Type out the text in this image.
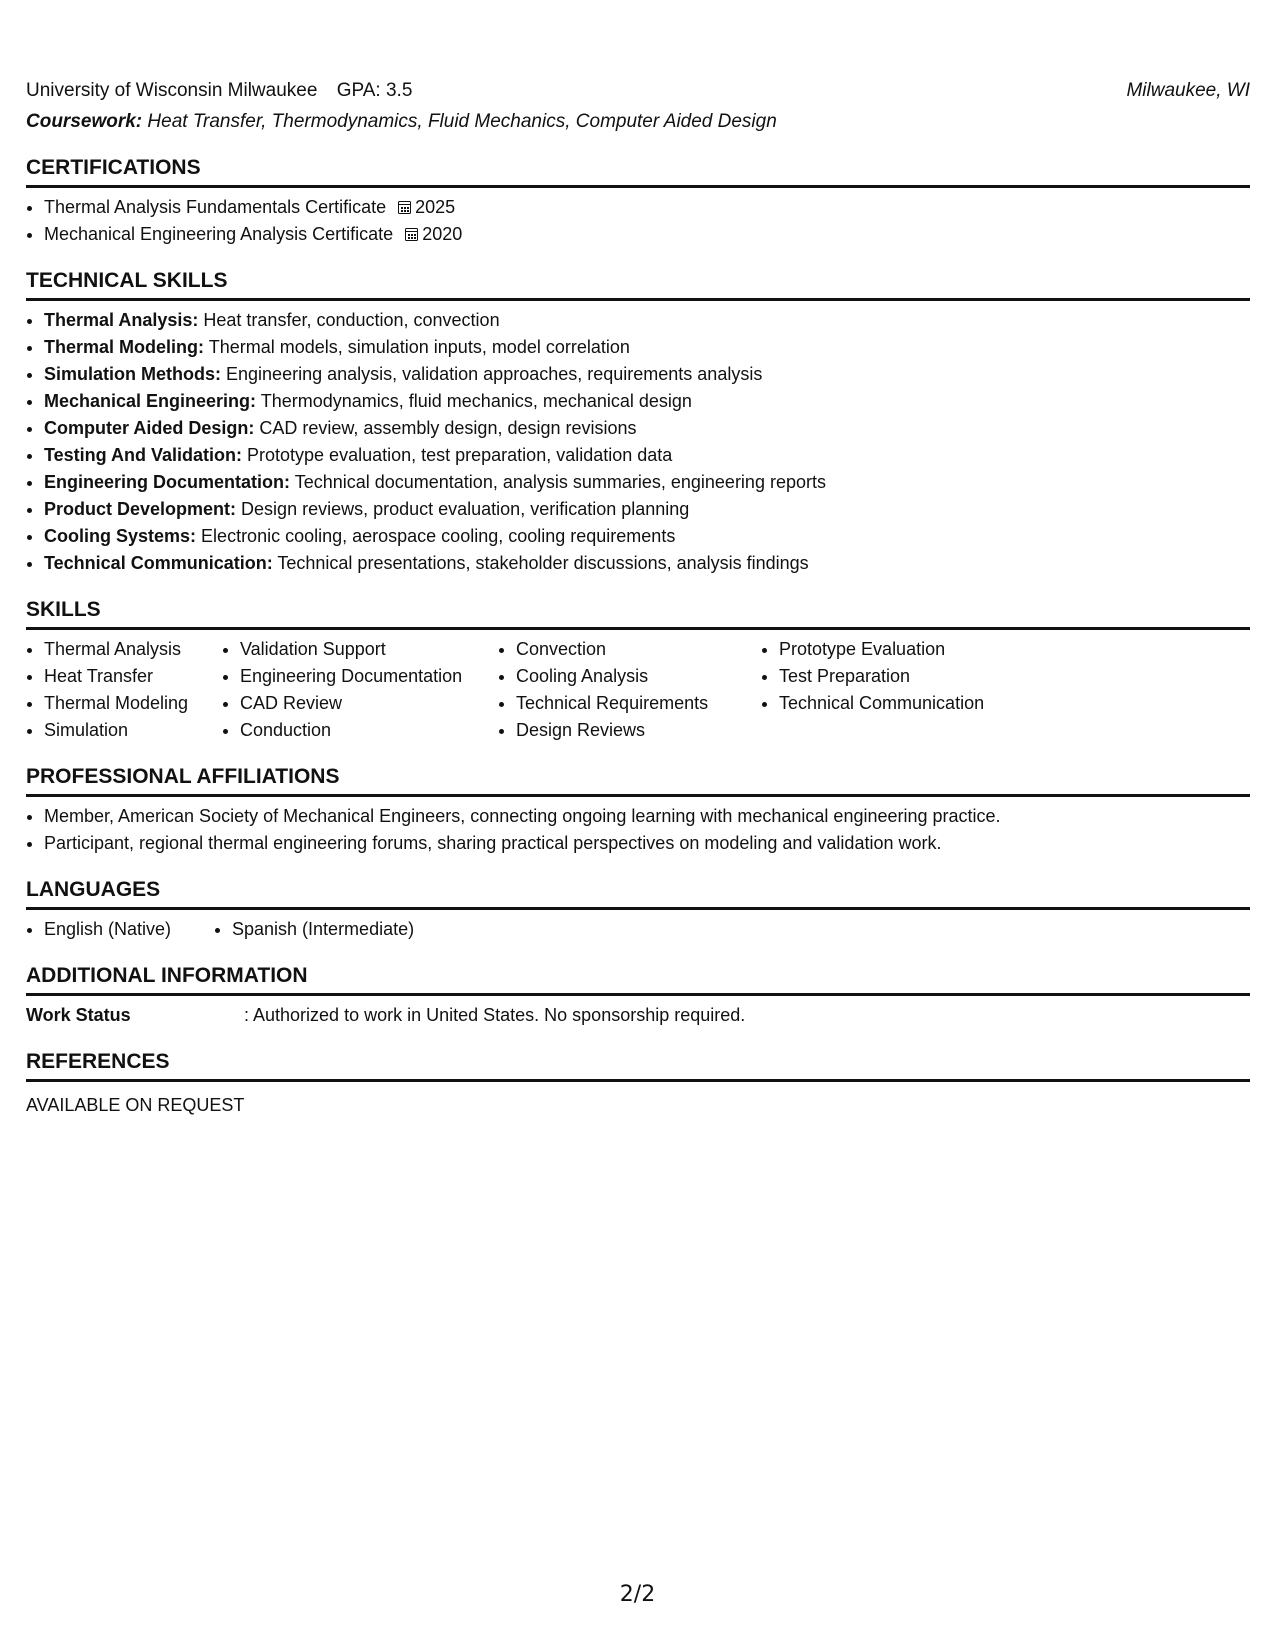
University of Wisconsin Milwaukee GPA: 3.5	Milwaukee, WI
Coursework: Heat Transfer, Thermodynamics, Fluid Mechanics, Computer Aided Design
CERTIFICATIONS
• Thermal Analysis Fundamentals Certificate 2025
• Mechanical Engineering Analysis Certificate 2020
TECHNICAL SKILLS
• Thermal Analysis: Heat transfer, conduction, convection
• Thermal Modeling: Thermal models, simulation inputs, model correlation
• Simulation Methods: Engineering analysis, validation approaches, requirements analysis
• Mechanical Engineering: Thermodynamics, fluid mechanics, mechanical design
• Computer Aided Design: CAD review, assembly design, design revisions
• Testing And Validation: Prototype evaluation, test preparation, validation data
• Engineering Documentation: Technical documentation, analysis summaries, engineering reports
• Product Development: Design reviews, product evaluation, verification planning
• Cooling Systems: Electronic cooling, aerospace cooling, cooling requirements
• Technical Communication: Technical presentations, stakeholder discussions, analysis findings
SKILLS
• Thermal Analysis
• Heat Transfer
• Thermal Modeling
• Simulation
• Validation Support
• Engineering Documentation
• CAD Review
• Conduction
• Convection
• Cooling Analysis
• Technical Requirements
• Design Reviews
• Prototype Evaluation
• Test Preparation
• Technical Communication
PROFESSIONAL AFFILIATIONS
• Member, American Society of Mechanical Engineers, connecting ongoing learning with mechanical engineering practice.
• Participant, regional thermal engineering forums, sharing practical perspectives on modeling and validation work.
LANGUAGES
• English (Native)
•	Spanish (Intermediate)
ADDITIONAL INFORMATION
Work Status	: Authorized to work in United States. No sponsorship required.
REFERENCES
AVAILABLE ON REQUEST
2/2
